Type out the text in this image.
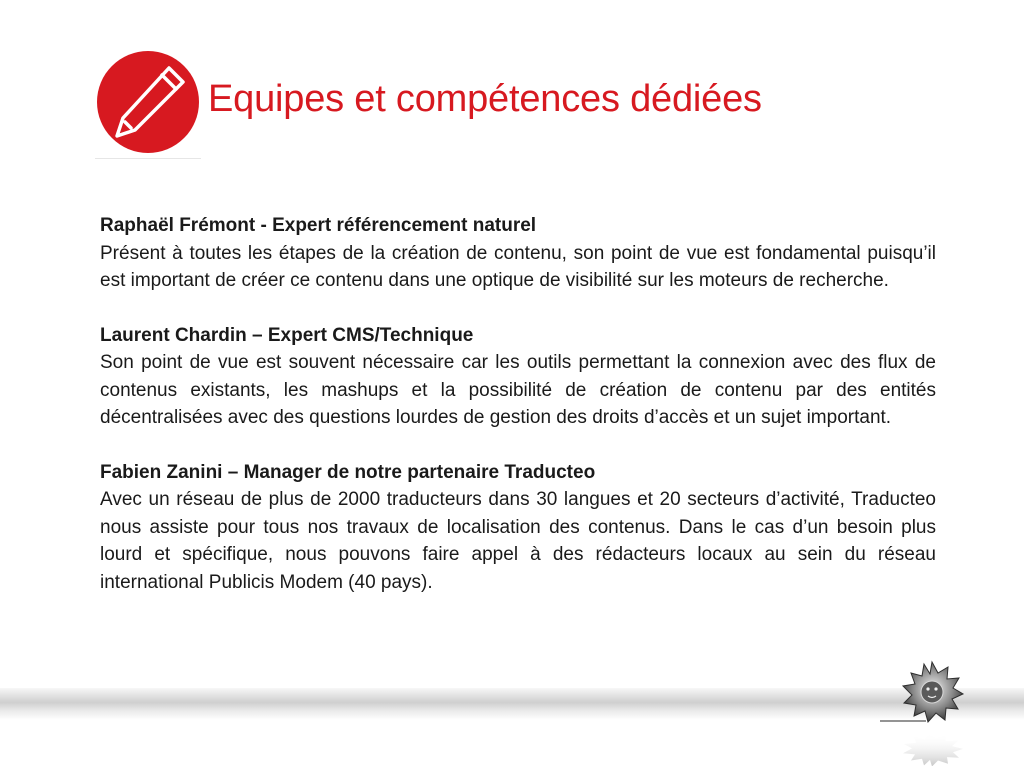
Equipes et compétences dédiées

Raphaël Frémont - Expert référencement naturel

Présent à toutes les étapes de la création de contenu, son point de vue est fondamental puisqu’il est important de créer ce contenu dans une optique de visibilité sur les moteurs de recherche.

Laurent Chardin – Expert CMS/Technique

Son point de vue est souvent nécessaire car les outils permettant la connexion avec des flux de contenus existants, les mashups et la possibilité de création de contenu par des entités décentralisées avec des questions lourdes de gestion des droits d’accès et un sujet important.

Fabien Zanini – Manager de notre partenaire Traducteo

Avec un réseau de plus de 2000 traducteurs dans 30 langues et 20 secteurs d’activité, Traducteo nous assiste pour tous nos travaux de localisation des contenus. Dans le cas d’un besoin plus lourd et spécifique, nous pouvons faire appel à des rédacteurs locaux au sein du réseau international Publicis Modem (40 pays).
